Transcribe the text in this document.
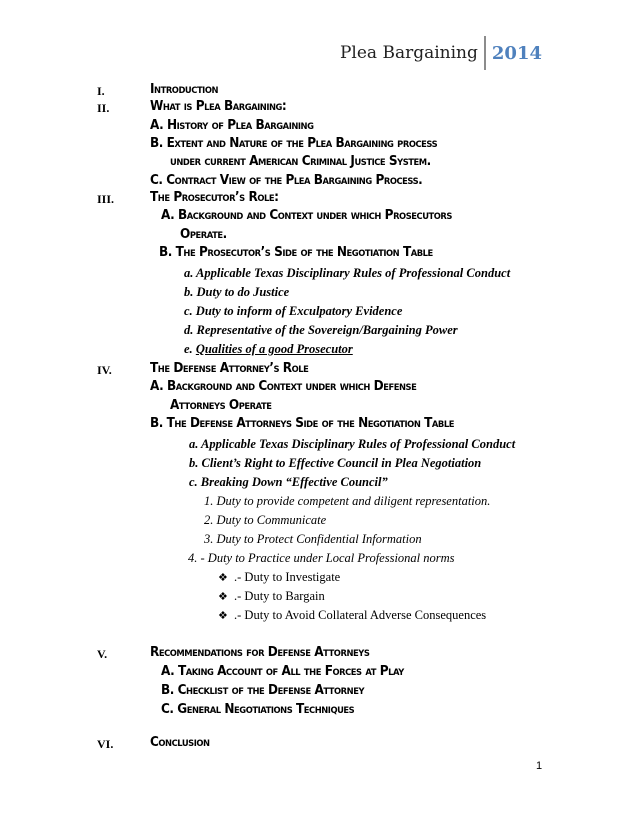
Plea Bargaining 2014
I.	Introduction
II.	What is Plea Bargaining:
A. History of Plea Bargaining
B. Extent and Nature of the Plea Bargaining process
under current American Criminal Justice System.
C. Contract View of the Plea Bargaining Process.
III.	The Prosecutor’s Role:
A. Background and Context under which Prosecutors
Operate.
B. The Prosecutor’s Side of the Negotiation Table
a. Applicable Texas Disciplinary Rules of Professional Conduct
b. Duty to do Justice
c. Duty to inform of Exculpatory Evidence
d. Representative of the Sovereign/Bargaining Power
e. Qualities of a good Prosecutor
IV.	The Defense Attorney’s Role
A. Background and Context under which Defense
Attorneys Operate
B. The Defense Attorneys Side of the Negotiation Table
a. Applicable Texas Disciplinary Rules of Professional Conduct
b. Client’s Right to Effective Council in Plea Negotiation
c. Breaking Down “Effective Council”
1. Duty to provide competent and diligent representation.
2. Duty to Communicate
3. Duty to Protect Confidential Information
4. - Duty to Practice under Local Professional norms
❖ .- Duty to Investigate
❖ .- Duty to Bargain
❖ .- Duty to Avoid Collateral Adverse Consequences
V.	Recommendations for Defense Attorneys
A. Taking Account of All the Forces at Play
B. Checklist of the Defense Attorney
C. General Negotiations Techniques
VI.	Conclusion
1
